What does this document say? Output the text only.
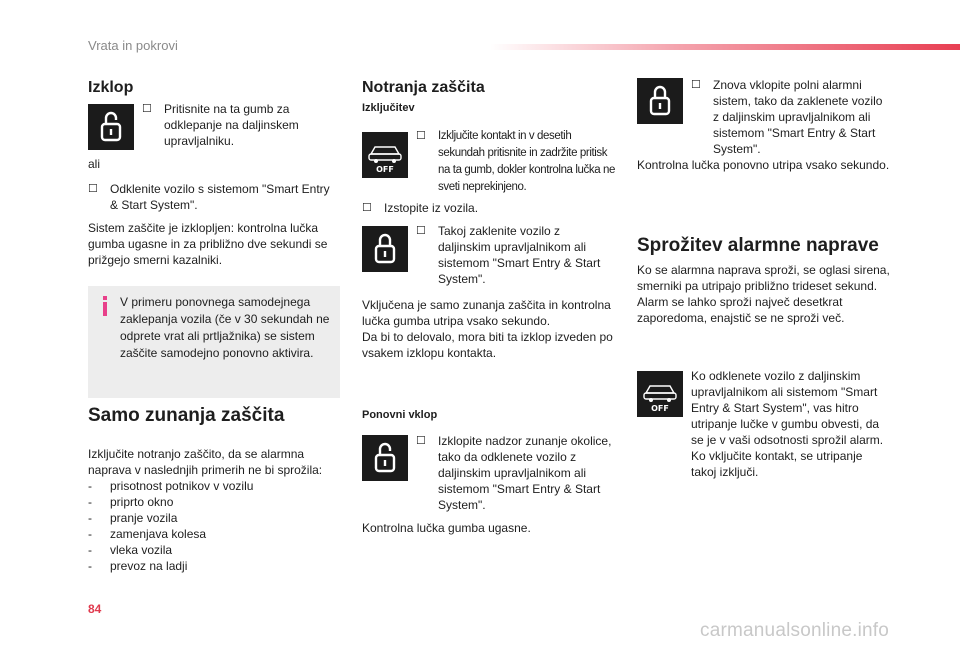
Vrata in pokrovi
Izklop
☐	Pritisnite na ta gumb za odklepanje na daljinskem upravljalniku.
ali
☐	Odklenite vozilo s sistemom "Smart Entry & Start System".
Sistem zaščite je izklopljen: kontrolna lučka gumba ugasne in za približno dve sekundi se prižgejo smerni kazalniki.
V primeru ponovnega samodejnega zaklepanja vozila (če v 30 sekundah ne odprete vrat ali prtljažnika) se sistem zaščite samodejno ponovno aktivira.
Samo zunanja zaščita
Izključite notranjo zaščito, da se alarmna naprava v naslednjih primerih ne bi sprožila:
- prisotnost potnikov v vozilu
- priprto okno
- pranje vozila
- zamenjava kolesa
- vleka vozila
- prevoz na ladji
Notranja zaščita
Izključitev
OFF
☐	Izključite kontakt in v desetih sekundah pritisnite in zadržite pritisk na ta gumb, dokler kontrolna lučka ne sveti neprekinjeno.
☐	Izstopite iz vozila.
☐	Takoj zaklenite vozilo z daljinskim upravljalnikom ali sistemom "Smart Entry & Start System".
Vključena je samo zunanja zaščita in kontrolna lučka gumba utripa vsako sekundo.
Da bi to delovalo, mora biti ta izklop izveden po vsakem izklopu kontakta.
Ponovni vklop
☐	Izklopite nadzor zunanje okolice, tako da odklenete vozilo z daljinskim upravljalnikom ali sistemom "Smart Entry & Start System".
Kontrolna lučka gumba ugasne.
☐	Znova vklopite polni alarmni sistem, tako da zaklenete vozilo z daljinskim upravljalnikom ali sistemom "Smart Entry & Start System".
Kontrolna lučka ponovno utripa vsako sekundo.
Sprožitev alarmne naprave
Ko se alarmna naprava sproži, se oglasi sirena, smerniki pa utripajo približno trideset sekund. Alarm se lahko sproži največ desetkrat zaporedoma, enajstič se ne sproži več.
OFF
Ko odklenete vozilo z daljinskim upravljalnikom ali sistemom "Smart Entry & Start System", vas hitro utripanje lučke v gumbu obvesti, da se je v vaši odsotnosti sprožil alarm. Ko vključite kontakt, se utripanje takoj izključi.
84
carmanualsonline.info
